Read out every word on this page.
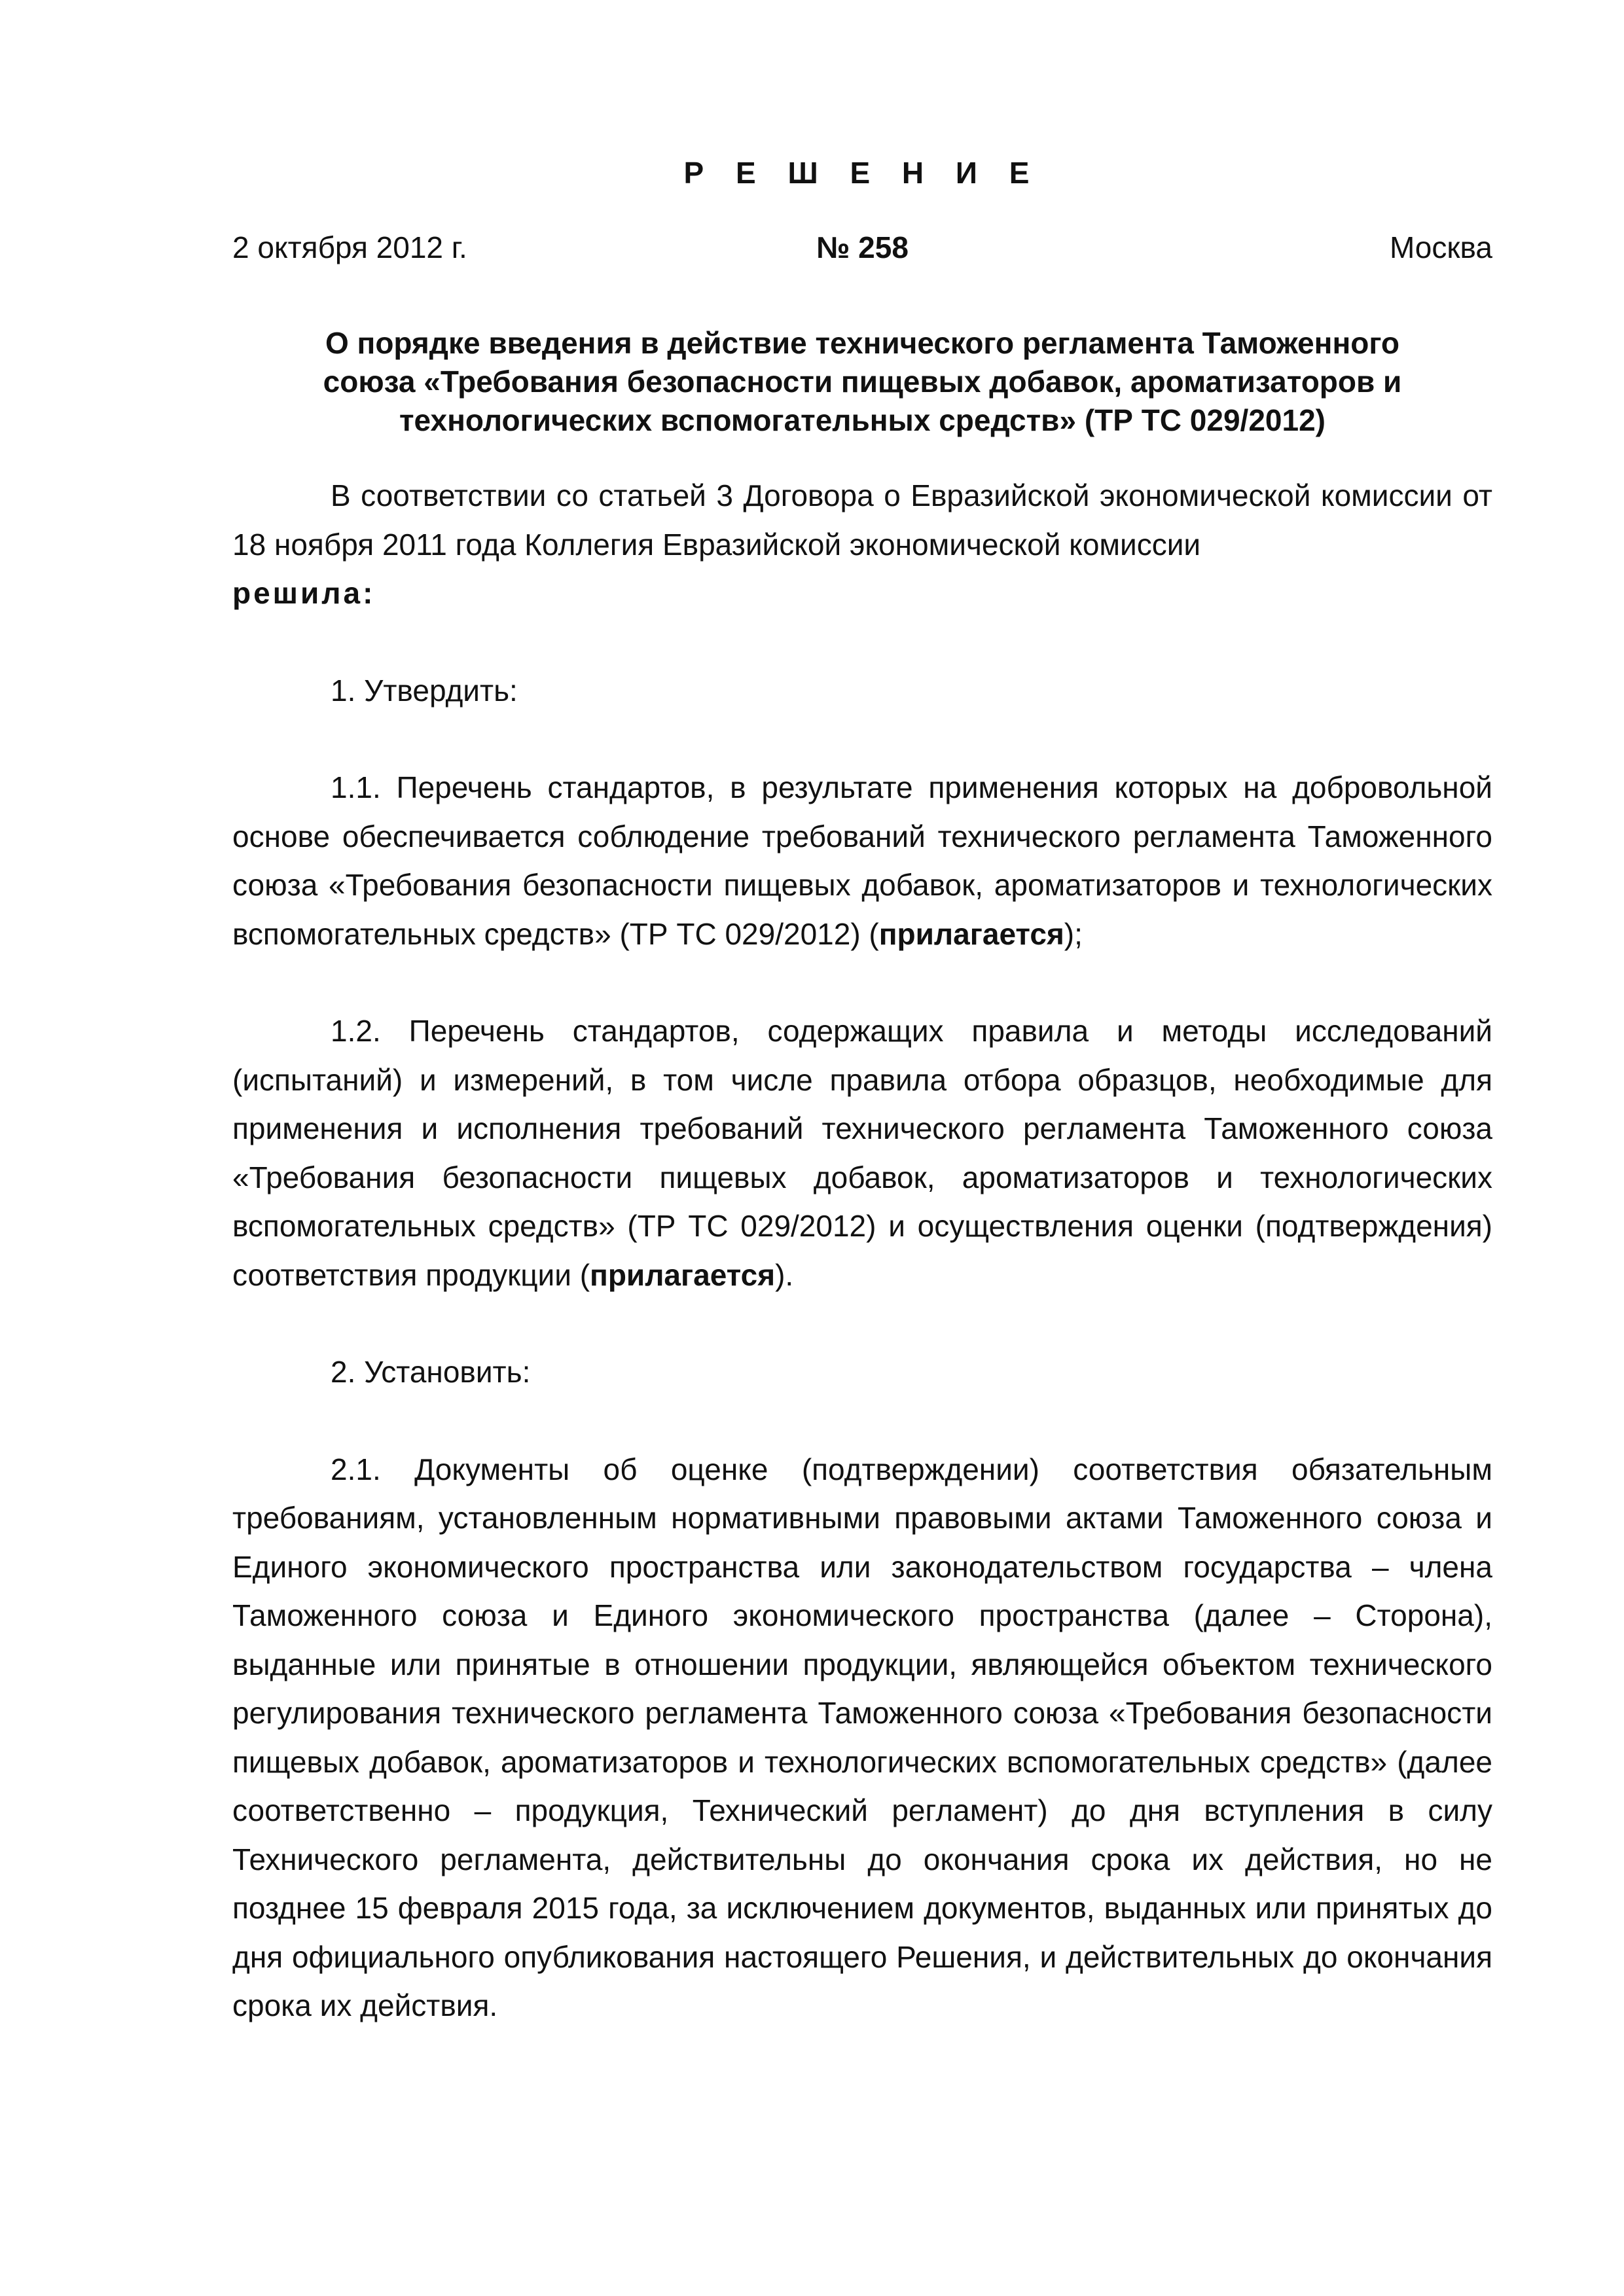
Р Е Ш Е Н И Е
2 октября 2012 г.	№ 258	Москва
О порядке введения в действие технического регламента Таможенного
союза «Требования безопасности пищевых добавок, ароматизаторов и
технологических вспомогательных средств» (ТР ТС 029/2012)

В соответствии со статьей 3 Договора о Евразийской экономической комиссии от 18 ноября 2011 года Коллегия Евразийской экономической комиссии

решила:

1. Утвердить:

1.1. Перечень стандартов, в результате применения которых на добровольной основе обеспечивается соблюдение требований технического регламента Таможенного союза «Требования безопасности пищевых добавок, ароматизаторов и технологических вспомогательных средств» (ТР ТС 029/2012) (прилагается);

1.2. Перечень стандартов, содержащих правила и методы исследований (испытаний) и измерений, в том числе правила отбора образцов, необходимые для применения и исполнения требований технического регламента Таможенного союза «Требования безопасности пищевых добавок, ароматизаторов и технологических вспомогательных средств» (ТР ТС 029/2012) и осуществления оценки (подтверждения) соответствия продукции (прилагается).

2. Установить:

2.1. Документы об оценке (подтверждении) соответствия обязательным требованиям, установленным нормативными правовыми актами Таможенного союза и Единого экономического пространства или законодательством государства – члена Таможенного союза и Единого экономического пространства (далее – Сторона), выданные или принятые в отношении продукции, являющейся объектом технического регулирования технического регламента Таможенного союза «Требования безопасности пищевых добавок, ароматизаторов и технологических вспомогательных средств» (далее соответственно – продукция, Технический регламент) до дня вступления в силу Технического регламента, действительны до окончания срока их действия, но не позднее 15 февраля 2015 года, за исключением документов, выданных или принятых до дня официального опубликования настоящего Решения, и действительных до окончания срока их действия.
